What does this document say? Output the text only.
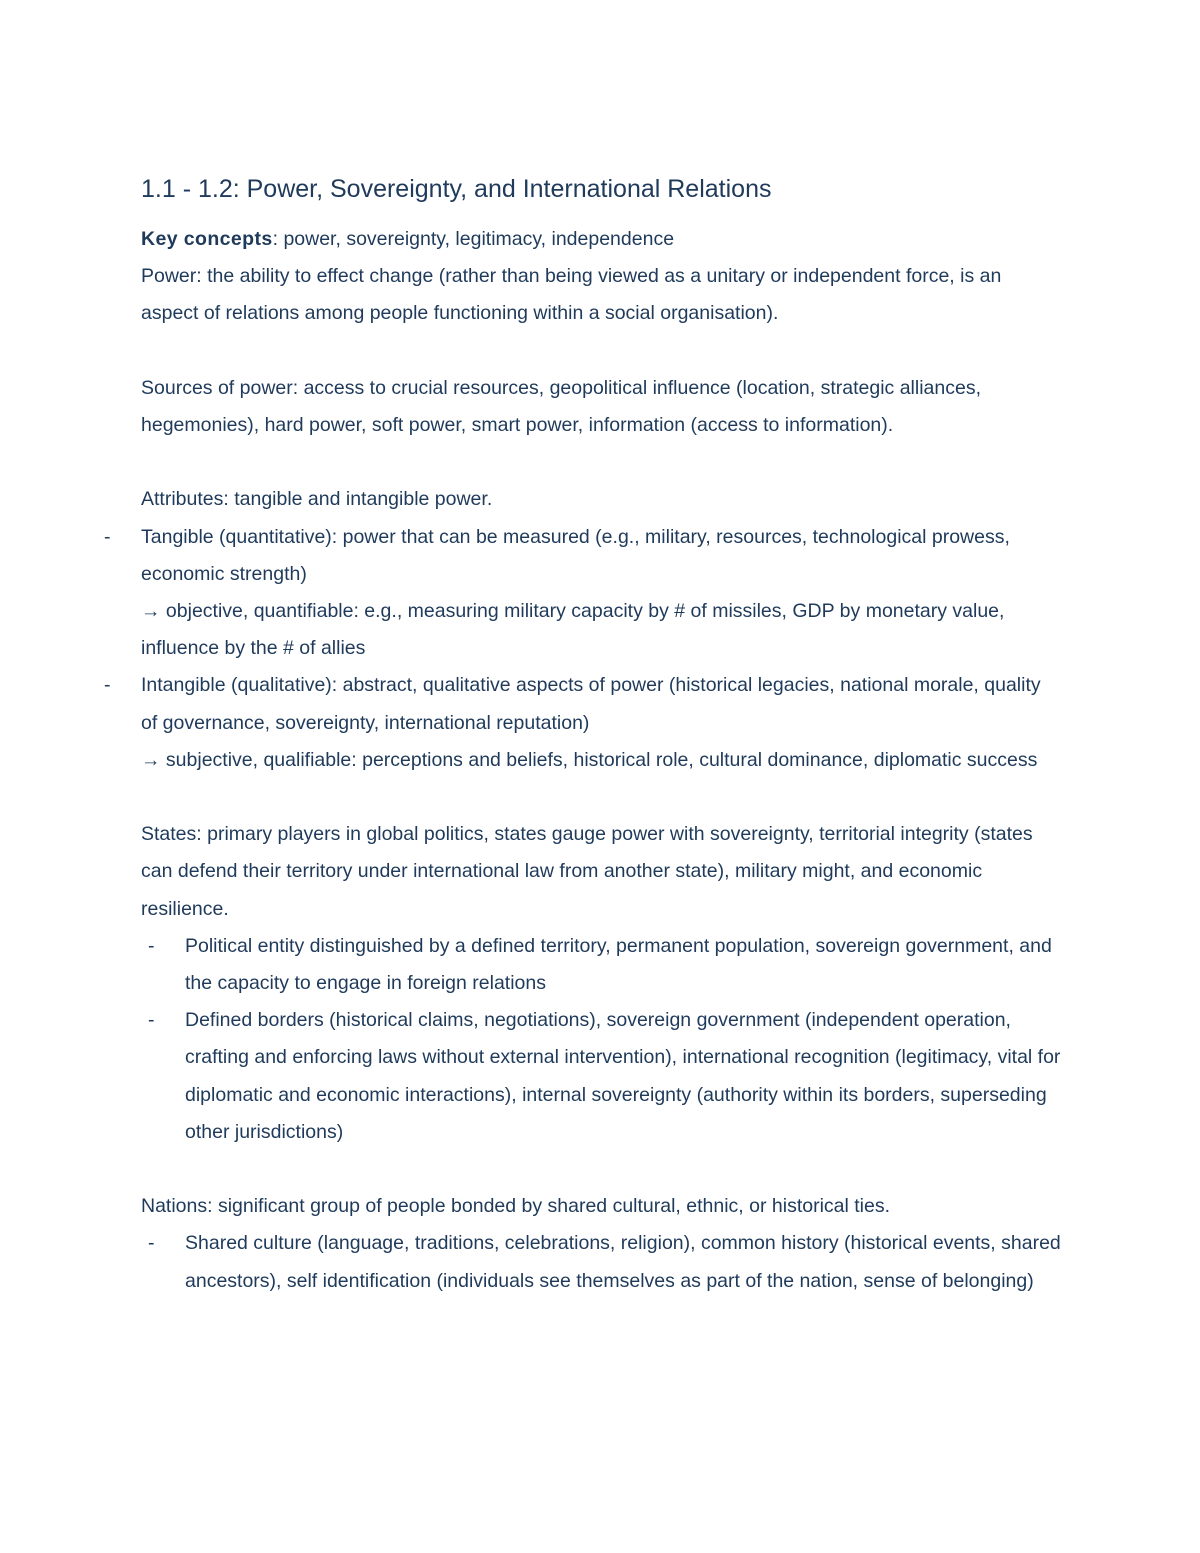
1.1 - 1.2: Power, Sovereignty, and International Relations

Key concepts: power, sovereignty, legitimacy, independence

Power: the ability to effect change (rather than being viewed as a unitary or independent force, is an aspect of relations among people functioning within a social organisation).

Sources of power: access to crucial resources, geopolitical influence (location, strategic alliances, hegemonies), hard power, soft power, smart power, information (access to information).

Attributes: tangible and intangible power.

- Tangible (quantitative): power that can be measured (e.g., military, resources, technological prowess, economic strength)

→ objective, quantifiable: e.g., measuring military capacity by # of missiles, GDP by monetary value, influence by the # of allies

- Intangible (qualitative): abstract, qualitative aspects of power (historical legacies, national morale, quality of governance, sovereignty, international reputation)

→ subjective, qualifiable: perceptions and beliefs, historical role, cultural dominance, diplomatic success

States: primary players in global politics, states gauge power with sovereignty, territorial integrity (states can defend their territory under international law from another state), military might, and economic resilience.

- Political entity distinguished by a defined territory, permanent population, sovereign government, and the capacity to engage in foreign relations

- Defined borders (historical claims, negotiations), sovereign government (independent operation, crafting and enforcing laws without external intervention), international recognition (legitimacy, vital for diplomatic and economic interactions), internal sovereignty (authority within its borders, superseding other jurisdictions)

Nations: significant group of people bonded by shared cultural, ethnic, or historical ties.

- Shared culture (language, traditions, celebrations, religion), common history (historical events, shared ancestors), self identification (individuals see themselves as part of the nation, sense of belonging)
